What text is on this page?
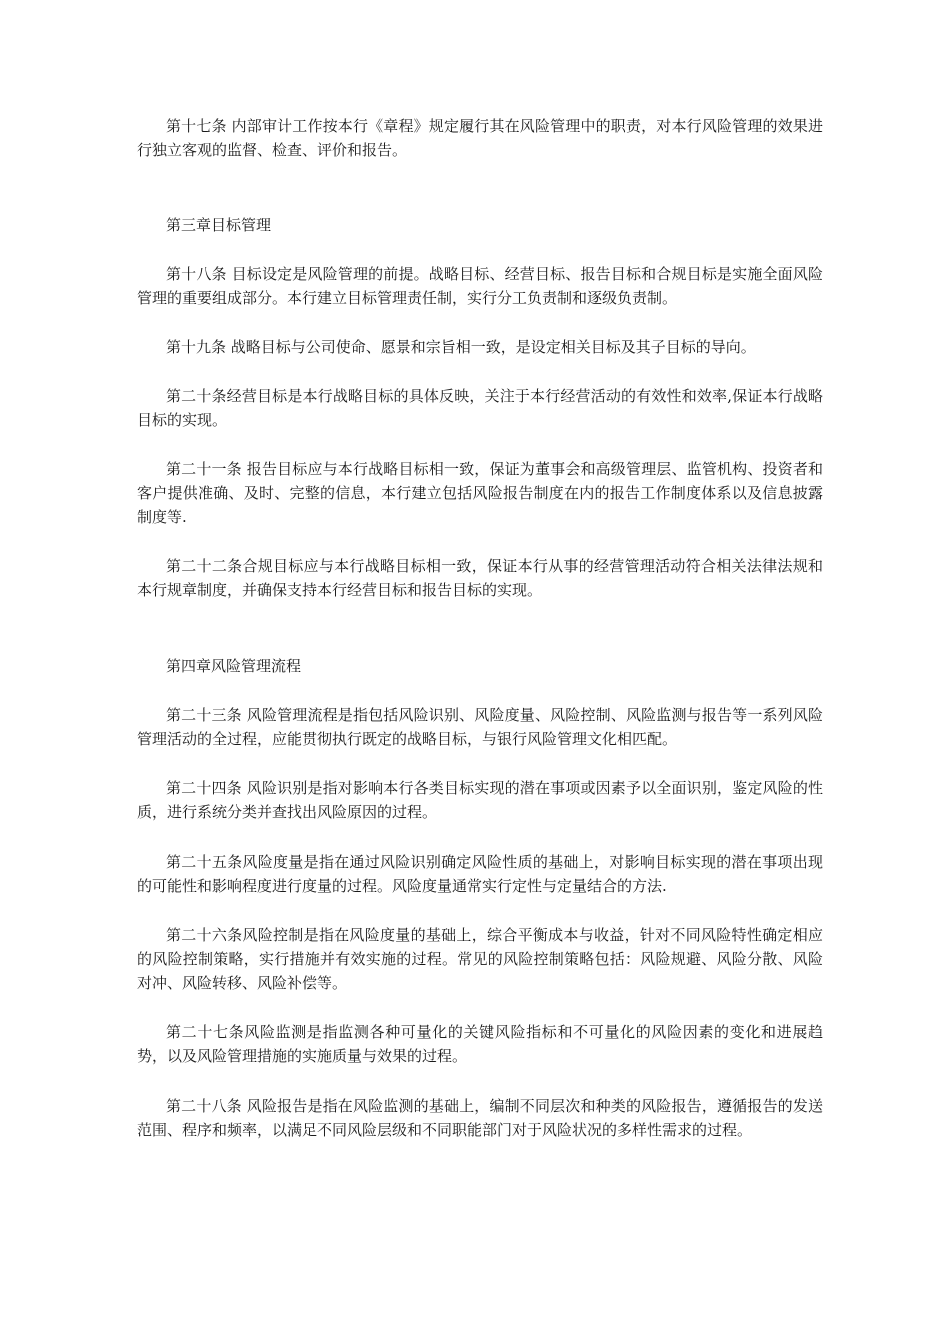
第十七条 内部审计工作按本行《章程》规定履行其在风险管理中的职责，对本行风险管理的效果进行独立客观的监督、检查、评价和报告。

第三章目标管理

第十八条 目标设定是风险管理的前提。战略目标、经营目标、报告目标和合规目标是实施全面风险管理的重要组成部分。本行建立目标管理责任制，实行分工负责制和逐级负责制。

第十九条 战略目标与公司使命、愿景和宗旨相一致，是设定相关目标及其子目标的导向。

第二十条经营目标是本行战略目标的具体反映，关注于本行经营活动的有效性和效率,保证本行战略目标的实现。

第二十一条 报告目标应与本行战略目标相一致，保证为董事会和高级管理层、监管机构、投资者和客户提供准确、及时、完整的信息，本行建立包括风险报告制度在内的报告工作制度体系以及信息披露制度等.

第二十二条合规目标应与本行战略目标相一致，保证本行从事的经营管理活动符合相关法律法规和本行规章制度，并确保支持本行经营目标和报告目标的实现。

第四章风险管理流程

第二十三条 风险管理流程是指包括风险识别、风险度量、风险控制、风险监测与报告等一系列风险管理活动的全过程，应能贯彻执行既定的战略目标，与银行风险管理文化相匹配。

第二十四条 风险识别是指对影响本行各类目标实现的潜在事项或因素予以全面识别，鉴定风险的性质，进行系统分类并查找出风险原因的过程。

第二十五条风险度量是指在通过风险识别确定风险性质的基础上，对影响目标实现的潜在事项出现的可能性和影响程度进行度量的过程。风险度量通常实行定性与定量结合的方法.

第二十六条风险控制是指在风险度量的基础上，综合平衡成本与收益，针对不同风险特性确定相应的风险控制策略，实行措施并有效实施的过程。常见的风险控制策略包括：风险规避、风险分散、风险对冲、风险转移、风险补偿等。

第二十七条风险监测是指监测各种可量化的关键风险指标和不可量化的风险因素的变化和进展趋势，以及风险管理措施的实施质量与效果的过程。

第二十八条 风险报告是指在风险监测的基础上，编制不同层次和种类的风险报告，遵循报告的发送范围、程序和频率，以满足不同风险层级和不同职能部门对于风险状况的多样性需求的过程。
